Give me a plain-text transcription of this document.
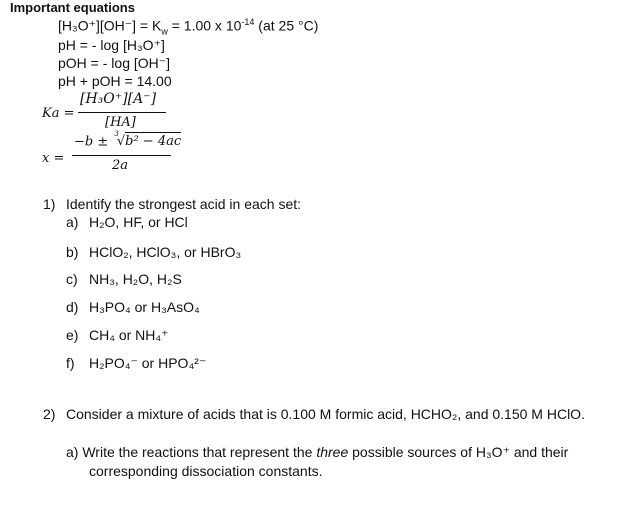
Important equations
$[H_3O^+][OH^-] = K_w = 1.00$ x $10^{-14}$ (at 25 °C)
pH = - log [H₃O⁺]
pOH = - log [OH⁻]
pH + pOH = 14.00
Ka =
[H₃O⁺][A⁻]
[HA]
x =
−b ± $^3$√b² − 4ac
2a
1) Identify the strongest acid in each set:
a) H₂O, HF, or HCl
b) HClO₂, HClO₃, or HBrO₃
c) NH₃, H₂O, H₂S
d) H₃PO₄ or H₃AsO₄
e) CH₄ or NH₄⁺
f) H₂PO₄⁻ or HPO₄²⁻
2) Consider a mixture of acids that is 0.100 M formic acid, HCHO₂, and 0.150 M HClO.
a) Write the reactions that represent the three possible sources of H₃O⁺ and their
corresponding dissociation constants.
